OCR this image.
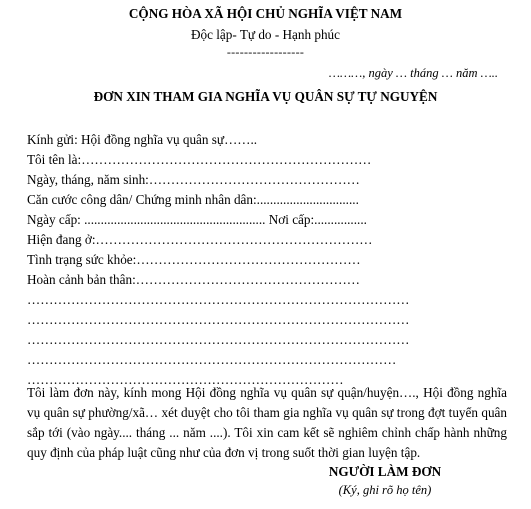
CỘNG HÒA XÃ HỘI CHỦ NGHĨA VIỆT NAM
Độc lập- Tự do - Hạnh phúc
------------------
………, ngày … tháng … năm …..
ĐƠN XIN THAM GIA NGHĨA VỤ QUÂN SỰ TỰ NGUYỆN
Kính gửi: Hội đồng nghĩa vụ quân sự……..
Tôi tên là:…………………………………………………………
Ngày, tháng, năm sinh:…………………………………………
Căn cước công dân/ Chứng minh nhân dân:...............................
Ngày cấp: ....................................................... Nơi cấp:................
Hiện đang ở:………………………………………………………
Tình trạng sức khỏe:……………………………………………
Hoàn cảnh bản thân:……………………………………………
……………………………………………………………………………
……………………………………………………………………………
……………………………………………………………………………
…………………………………………………………………………
………………………………………………………………
Tôi làm đơn này, kính mong Hội đồng nghĩa vụ quân sự quận/huyện…., Hội đồng nghĩa vụ quân sự phường/xã… xét duyệt cho tôi tham gia nghĩa vụ quân sự trong đợt tuyển quân sắp tới (vào ngày.... tháng ... năm ....). Tôi xin cam kết sẽ nghiêm chỉnh chấp hành những quy định của pháp luật cũng như của đơn vị trong suốt thời gian luyện tập.
NGƯỜI LÀM ĐƠN
(Ký, ghi rõ họ tên)
